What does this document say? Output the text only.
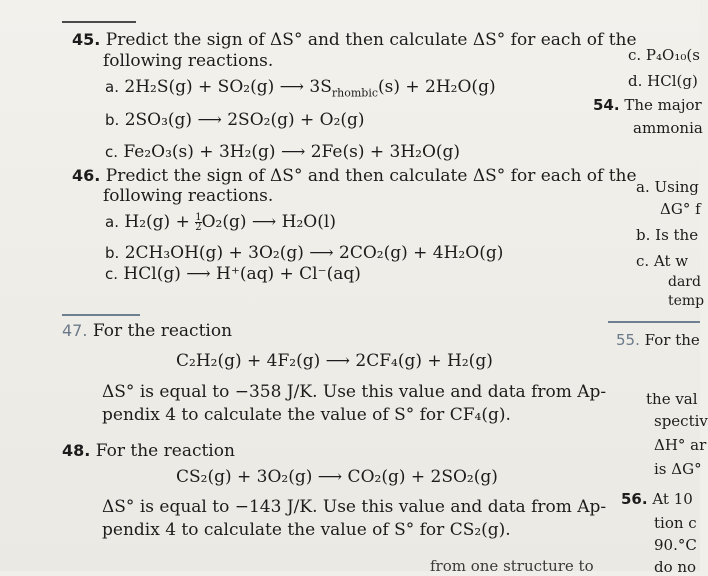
45. Predict the sign of ΔS° and then calculate ΔS° for each of the
following reactions.
a. 2H₂S(g) + SO₂(g) ⟶ $3S_{rhombic}(s) + 2H_2O(g)$
b. 2SO₃(g) ⟶ 2SO₂(g) + O₂(g)
c. Fe₂O₃(s) + 3H₂(g) ⟶ 2Fe(s) + 3H₂O(g)
46. Predict the sign of ΔS° and then calculate ΔS° for each of the
following reactions.
a. $H_2(g) + \frac{1}{2} O_2(g)$ ⟶ H₂O(l)
b. 2CH₃OH(g) + 3O₂(g) ⟶ 2CO₂(g) + 4H₂O(g)
c. HCl(g) ⟶ H⁺(aq) + Cl⁻(aq)
47. For the reaction
C₂H₂(g) + 4F₂(g) ⟶ 2CF₄(g) + H₂(g)
ΔS° is equal to −358 J/K. Use this value and data from Ap-
pendix 4 to calculate the value of S° for CF₄(g).
48. For the reaction
CS₂(g) + 3O₂(g) ⟶ CO₂(g) + 2SO₂(g)
ΔS° is equal to −143 J/K. Use this value and data from Ap-
pendix 4 to calculate the value of S° for CS₂(g).
from one structure to
c. P₄O₁₀(s
d. HCl(g)
54. The major
ammonia
a. Using
ΔG° f
b. Is the
c. At w
dard
temp
55. For the
the val
spectiv
ΔH° ar
is ΔG°
56. At 10
tion c
90.°C
do no
